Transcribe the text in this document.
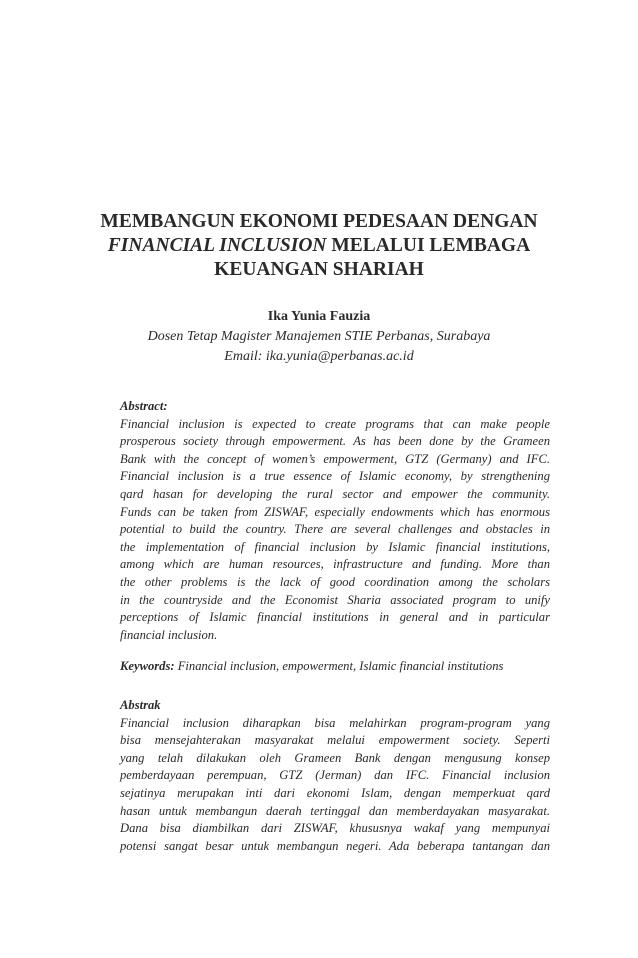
MEMBANGUN EKONOMI PEDESAAN DENGAN
FINANCIAL INCLUSION MELALUI LEMBAGA
KEUANGAN SHARIAH
Ika Yunia Fauzia
Dosen Tetap Magister Manajemen STIE Perbanas, Surabaya
Email: ika.yunia@perbanas.ac.id
Abstract:
Financial inclusion is expected to create programs that can make people
prosperous society through empowerment. As has been done by the Grameen
Bank with the concept of women’s empowerment, GTZ (Germany) and IFC.
Financial inclusion is a true essence of Islamic economy, by strengthening
qard hasan for developing the rural sector and empower the community.
Funds can be taken from ZISWAF, especially endowments which has enormous
potential to build the country. There are several challenges and obstacles in
the implementation of financial inclusion by Islamic financial institutions,
among which are human resources, infrastructure and funding. More than
the other problems is the lack of good coordination among the scholars
in the countryside and the Economist Sharia associated program to unify
perceptions of Islamic financial institutions in general and in particular
financial inclusion.
Keywords: Financial inclusion, empowerment, Islamic financial institutions
Abstrak
Financial inclusion diharapkan bisa melahirkan program-program yang
bisa mensejahterakan masyarakat melalui empowerment society. Seperti
yang telah dilakukan oleh Grameen Bank dengan mengusung konsep
pemberdayaan perempuan, GTZ (Jerman) dan IFC. Financial inclusion
sejatinya merupakan inti dari ekonomi Islam, dengan memperkuat qard
hasan untuk membangun daerah tertinggal dan memberdayakan masyarakat.
Dana bisa diambilkan dari ZISWAF, khususnya wakaf yang mempunyai
potensi sangat besar untuk membangun negeri. Ada beberapa tantangan dan
